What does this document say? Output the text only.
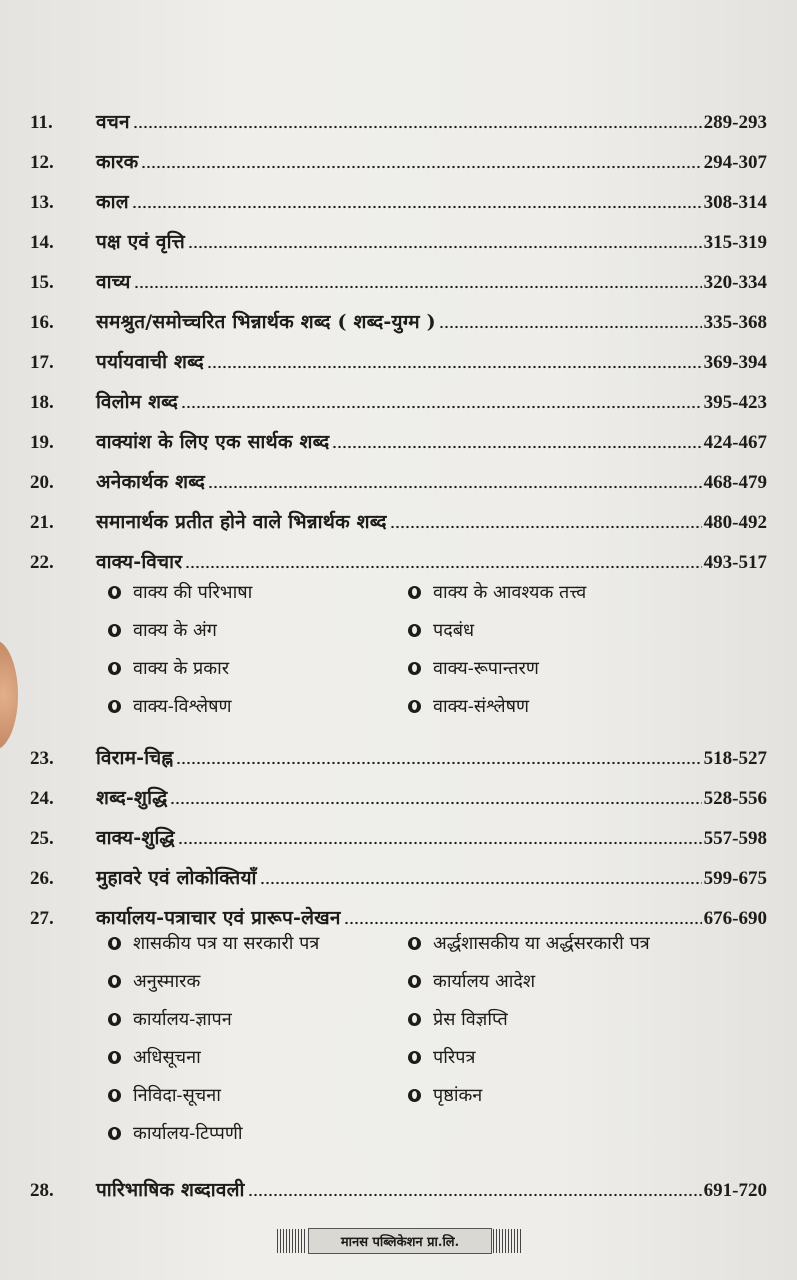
11.	वचन	289-293
12.	कारक	294-307
13.	काल	308-314
14.	पक्ष एवं वृत्ति	315-319
15.	वाच्य	320-334
16.	समश्रुत/समोच्चरित भिन्नार्थक शब्द ( शब्द-युग्म )	335-368
17.	पर्यायवाची शब्द	369-394
18.	विलोम शब्द	395-423
19.	वाक्यांश के लिए एक सार्थक शब्द	424-467
20.	अनेकार्थक शब्द	468-479
21.	समानार्थक प्रतीत होने वाले भिन्नार्थक शब्द	480-492
22.	वाक्य-विचार	493-517
23.	विराम-चिह्न	518-527
24.	शब्द-शुद्धि	528-556
25.	वाक्य-शुद्धि	557-598
26.	मुहावरे एवं लोकोक्तियाँ	599-675
27.	कार्यालय-पत्राचार एवं प्रारूप-लेखन	676-690
28.	पारिभाषिक शब्दावली	691-720
वाक्य की परिभाषा	वाक्य के आवश्यक तत्त्व
वाक्य के अंग	पदबंध
वाक्य के प्रकार	वाक्य-रूपान्तरण
वाक्य-विश्लेषण	वाक्य-संश्लेषण
शासकीय पत्र या सरकारी पत्र	अर्द्धशासकीय या अर्द्धसरकारी पत्र
अनुस्मारक	कार्यालय आदेश
कार्यालय-ज्ञापन	प्रेस विज्ञप्ति
अधिसूचना	परिपत्र
निविदा-सूचना	पृष्ठांकन
कार्यालय-टिप्पणी
मानस पब्लिकेशन प्रा.लि.
